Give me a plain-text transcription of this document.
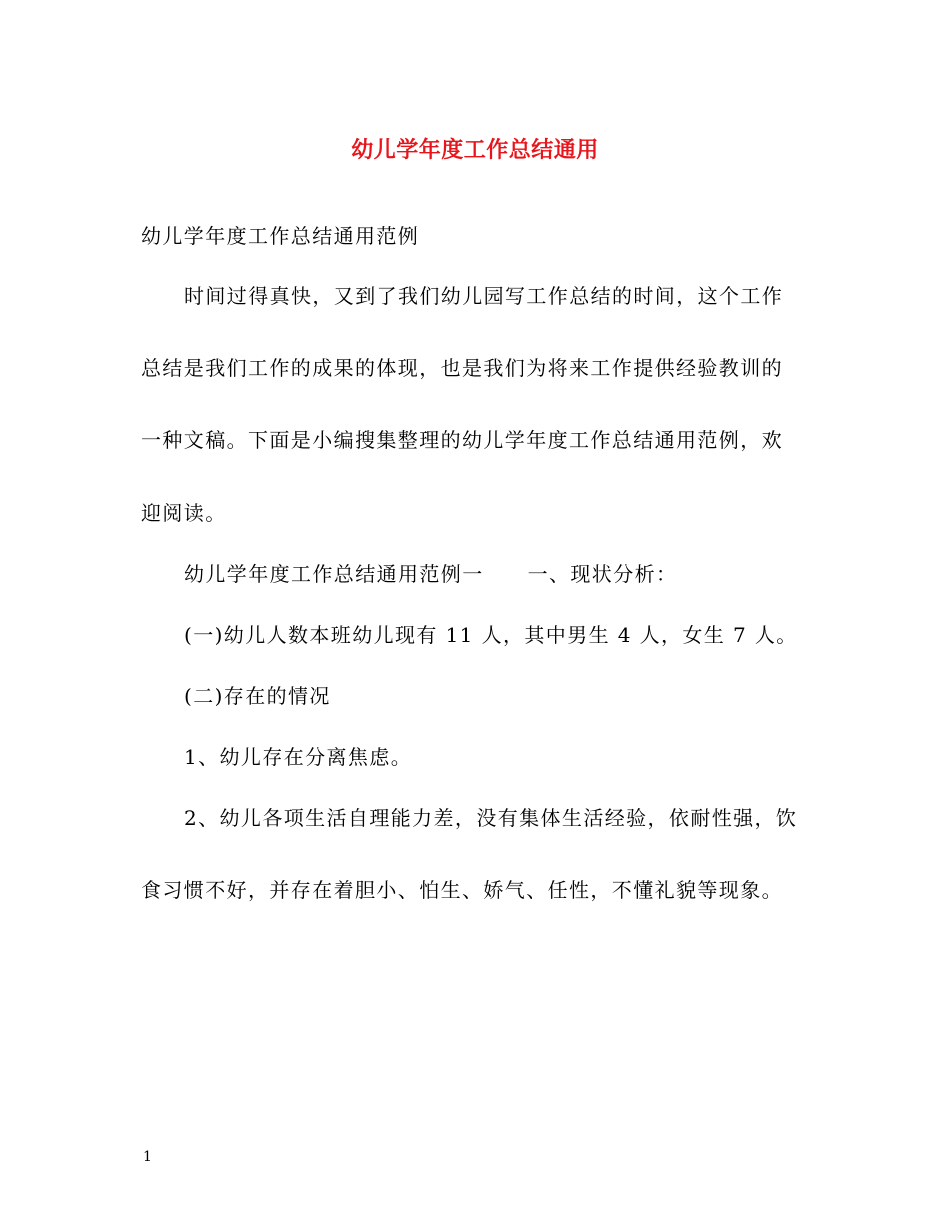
幼儿学年度工作总结通用
幼儿学年度工作总结通用范例
时间过得真快，又到了我们幼儿园写工作总结的时间，这个工作
总结是我们工作的成果的体现，也是我们为将来工作提供经验教训的
一种文稿。下面是小编搜集整理的幼儿学年度工作总结通用范例，欢
迎阅读。
幼儿学年度工作总结通用范例一 一、现状分析：
(一)幼儿人数本班幼儿现有 11 人，其中男生 4 人，女生 7 人。
(二)存在的情况
1、幼儿存在分离焦虑。
2、幼儿各项生活自理能力差，没有集体生活经验，依耐性强，饮
食习惯不好，并存在着胆小、怕生、娇气、任性，不懂礼貌等现象。
1
